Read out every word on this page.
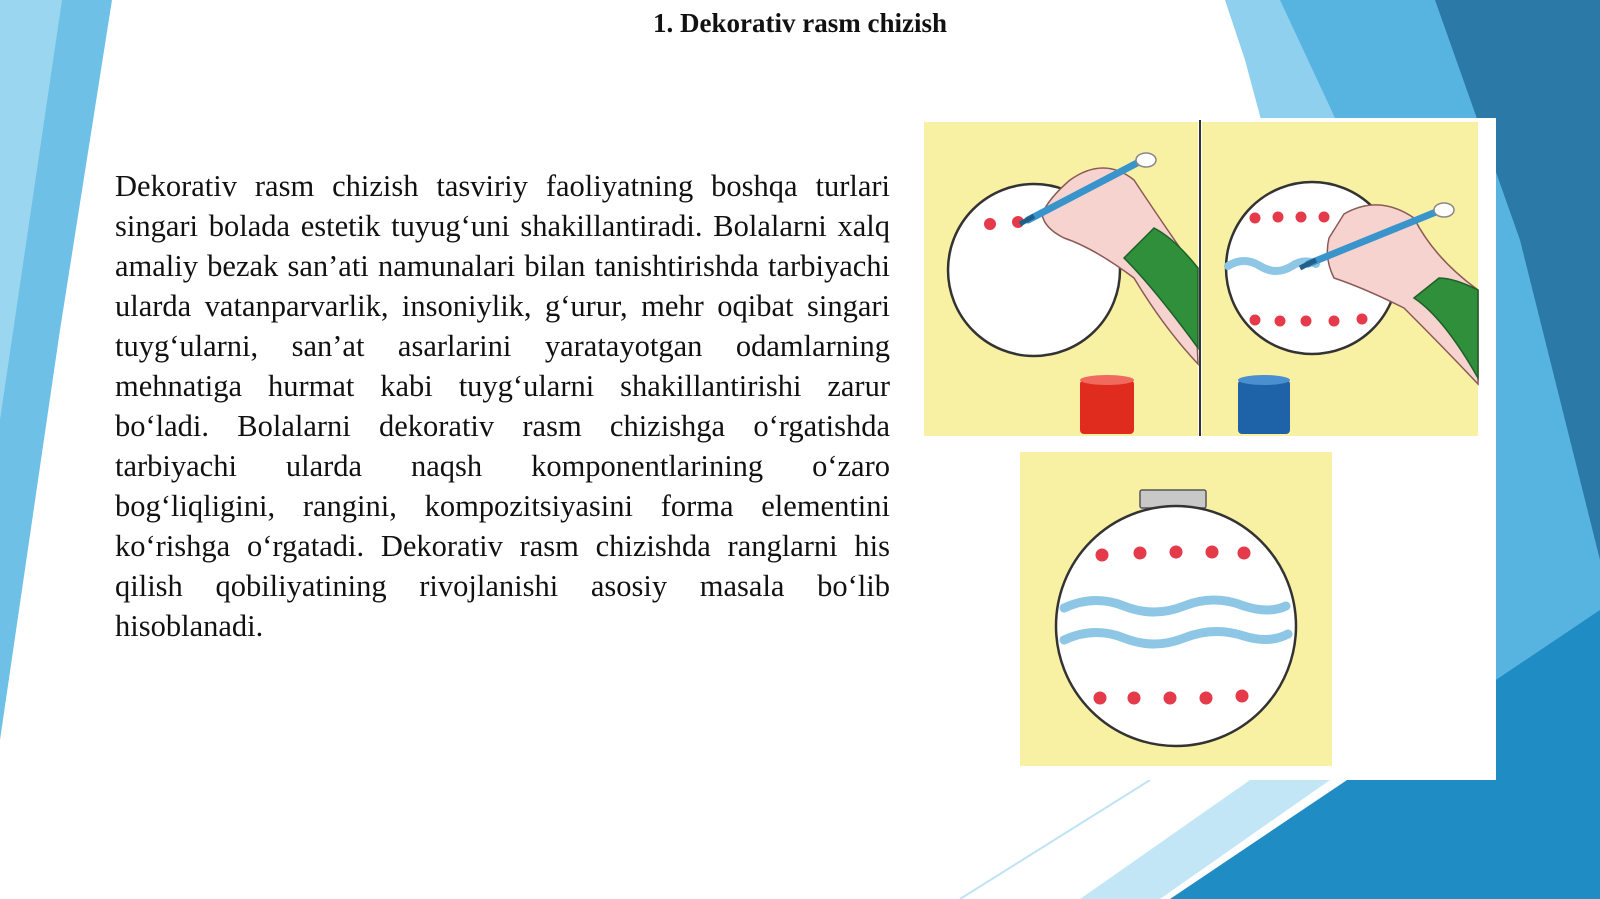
1. Dekorativ rasm chizish

Dekorativ rasm chizish tasviriy faoliyatning boshqa turlari singari bolada estetik tuyug‘uni shakillantiradi. Bolalarni xalq amaliy bezak san’ati namunalari bilan tanishtirishda tarbiyachi ularda vatanparvarlik, insoniylik, g‘urur, mehr oqibat singari tuyg‘ularni, san’at asarlarini yaratayotgan odamlarning mehnatiga hurmat kabi tuyg‘ularni shakillantirishi zarur bo‘ladi. Bolalarni dekorativ rasm chizishga o‘rgatishda tarbiyachi ularda naqsh komponentlarining o‘zaro bog‘liqligini, rangini, kompozitsiyasini forma elementini ko‘rishga o‘rgatadi. Dekorativ rasm chizishda ranglarni his qilish qobiliyatining rivojlanishi asosiy masala bo‘lib hisoblanadi.
